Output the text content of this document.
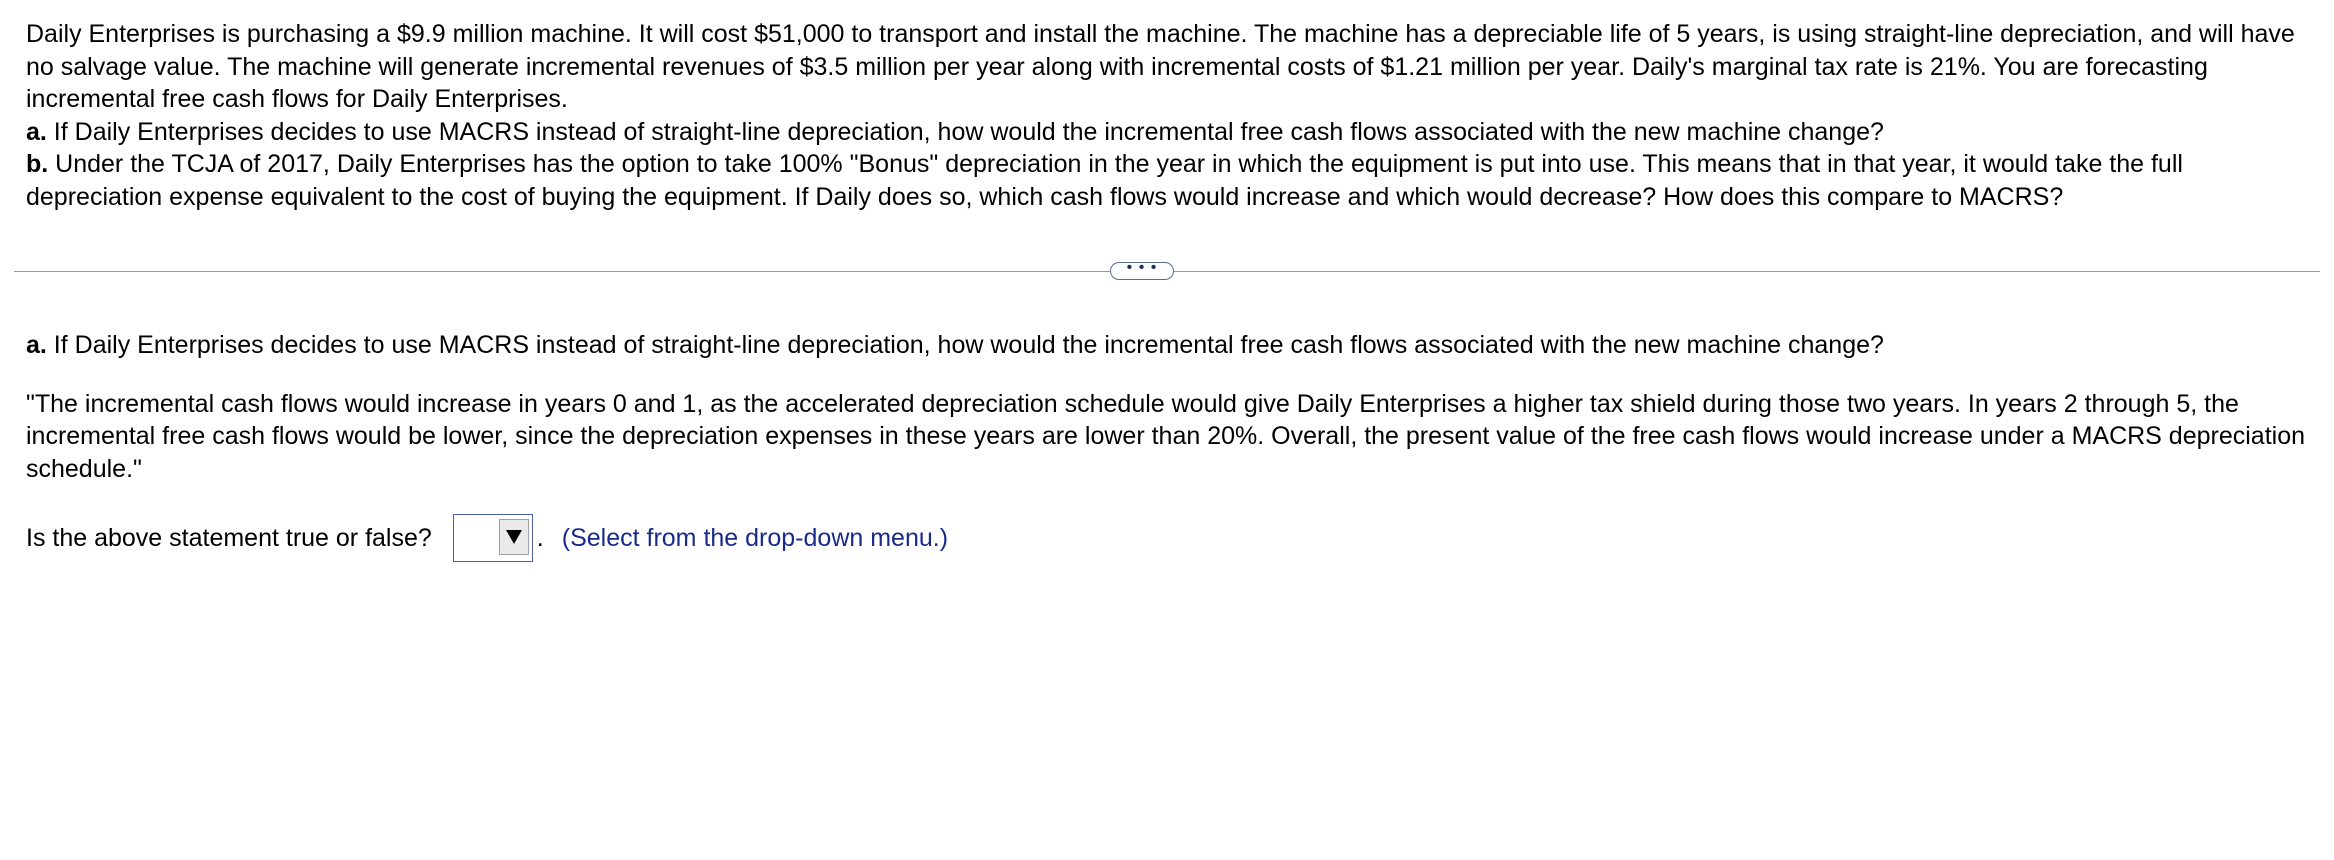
Daily Enterprises is purchasing a $9.9 million machine. It will cost $51,000 to transport and install the machine. The machine has a depreciable life of 5 years, is using straight-line depreciation, and will have no salvage value. The machine will generate incremental revenues of $3.5 million per year along with incremental costs of $1.21 million per year. Daily's marginal tax rate is 21%. You are forecasting incremental free cash flows for Daily Enterprises.

a. If Daily Enterprises decides to use MACRS instead of straight-line depreciation, how would the incremental free cash flows associated with the new machine change?

b. Under the TCJA of 2017, Daily Enterprises has the option to take 100% "Bonus" depreciation in the year in which the equipment is put into use. This means that in that year, it would take the full depreciation expense equivalent to the cost of buying the equipment. If Daily does so, which cash flows would increase and which would decrease? How does this compare to MACRS?

• • •

a. If Daily Enterprises decides to use MACRS instead of straight-line depreciation, how would the incremental free cash flows associated with the new machine change?

"The incremental cash flows would increase in years 0 and 1, as the accelerated depreciation schedule would give Daily Enterprises a higher tax shield during those two years. In years 2 through 5, the incremental free cash flows would be lower, since the depreciation expenses in these years are lower than 20%. Overall, the present value of the free cash flows would increase under a MACRS depreciation schedule."

Is the above statement true or false?	. (Select from the drop-down menu.)
